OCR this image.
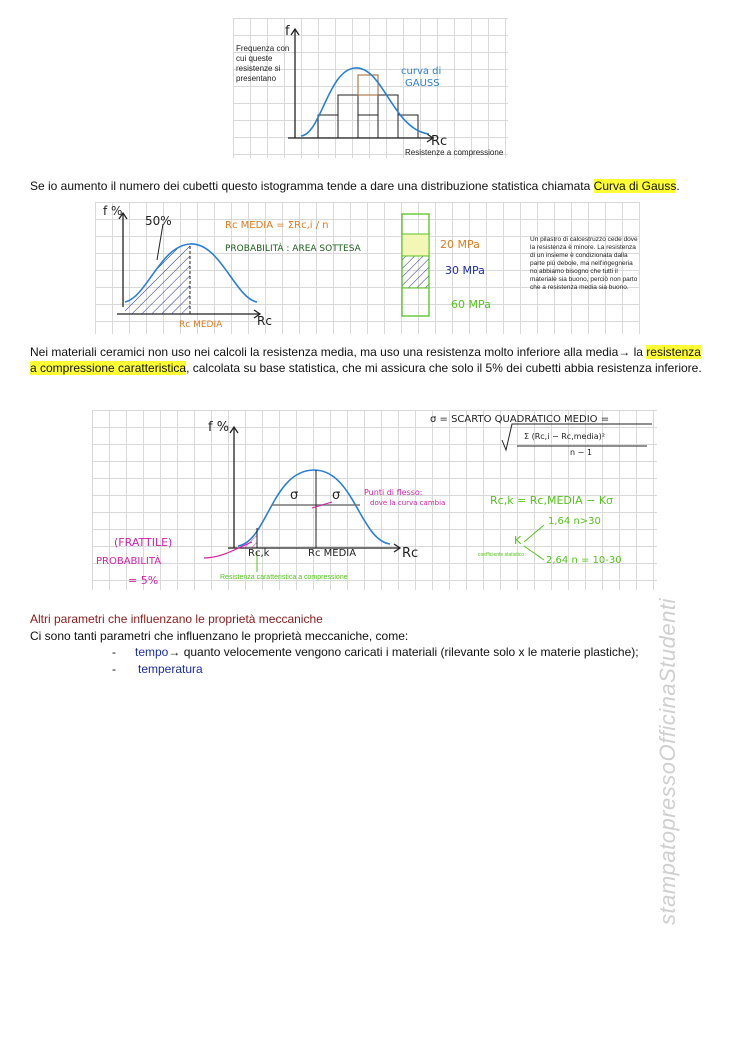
f
Frequenza con cui queste resistenze si presentano
curva di
GAUSS
Rc
Resistenze a compressione
Se io aumento il numero dei cubetti questo istogramma tende a dare una distribuzione statistica chiamata Curva di Gauss.
f %
50%	Rc MEDIA = ΣRc,i / n
PROBABILITÀ : AREA SOTTESA
Rc
Rc MEDIA
20 MPa
30 MPa
60 MPa
Un pilastro di calcestruzzo cede dove la resistenza è minore. La resistenza di un insieme è condizionata dalla parte più debole, ma nell'ingegneria no abbiamo bisogno che tutti il materiale sia buono, perciò non parto che a resistenza media sia buono.
Nei materiali ceramici non uso nei calcoli la resistenza media, ma uso una resistenza molto inferiore alla media→ la resistenza a compressione caratteristica, calcolata su base statistica, che mi assicura che solo il 5% dei cubetti abbia resistenza inferiore.
f %
σ = SCARTO QUADRATICO MEDIO =
Σ (Rc,i − Rc,media)²
n − 1
σ	σ	Punti di flesso:
dove la curva cambia	Rc,k = Rc,MEDIA − Kσ
1,64 n>30
K
coefficiente statistico 2,64 n = 10-30
(FRATTILE)
PROBABILITÀ
= 5%
Rc,k	Rc MEDIA	Rc
Resistenza caratteristica a compressione
Altri parametri che influenzano le proprietà meccaniche
Ci sono tanti parametri che influenzano le proprietà meccaniche, come:
- tempo→ quanto velocemente vengono caricati i materiali (rilevante solo x le materie plastiche);
- temperatura	stampatopressoOfficinaStudenti
